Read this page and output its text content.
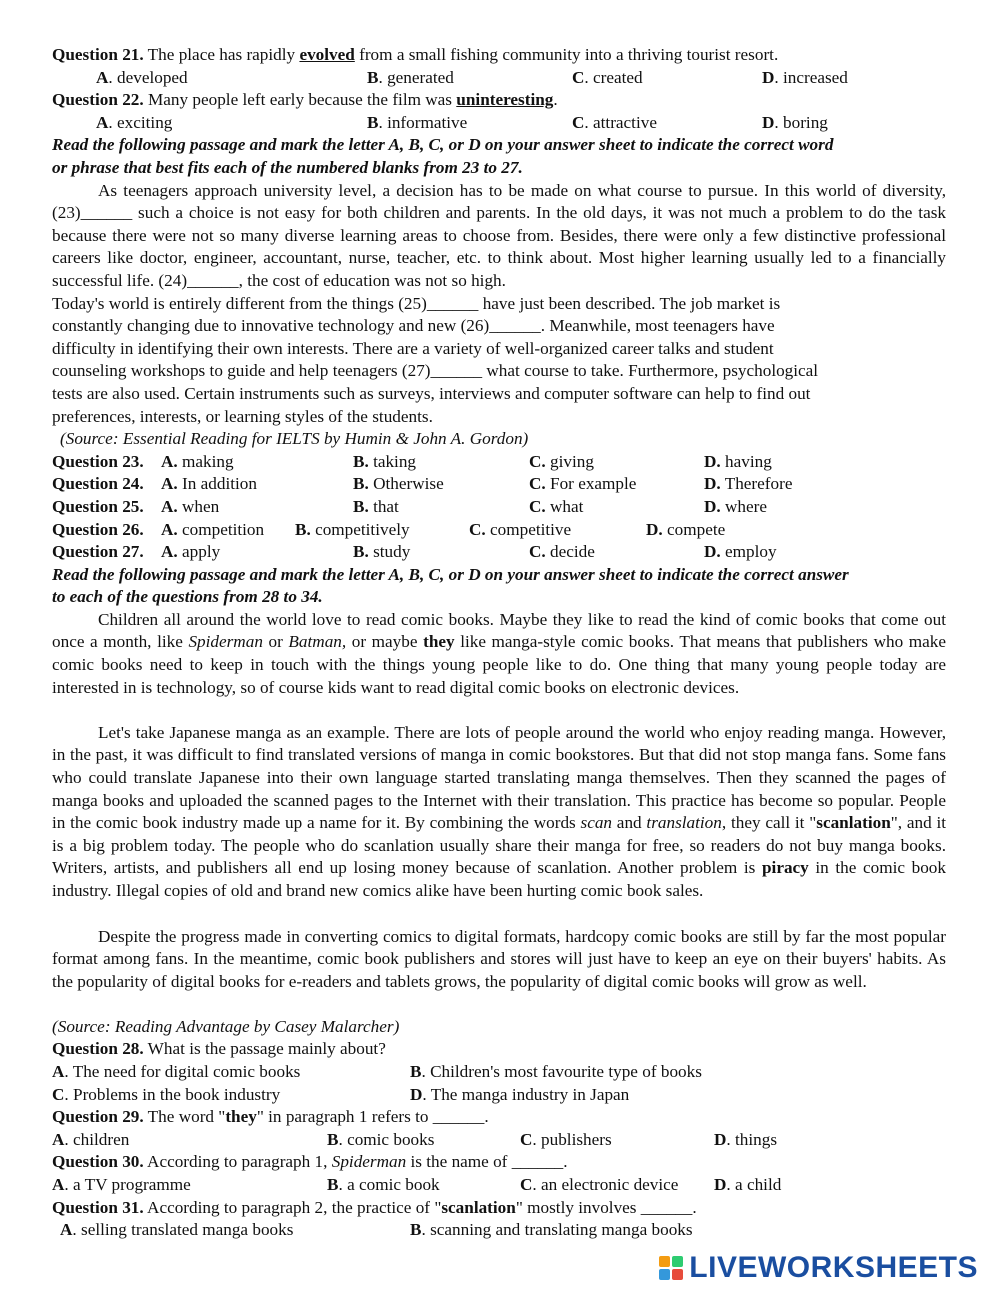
Question 21. The place has rapidly evolved from a small fishing community into a thriving tourist resort.
A. developed	B. generated	C. created	D. increased
Question 22. Many people left early because the film was uninteresting.
A. exciting	B. informative	C. attractive	D. boring
Read the following passage and mark the letter A, B, C, or D on your answer sheet to indicate the correct word
or phrase that best fits each of the numbered blanks from 23 to 27.
As teenagers approach university level, a decision has to be made on what course to pursue. In this world of diversity, (23)______ such a choice is not easy for both children and parents. In the old days, it was not much a problem to do the task because there were not so many diverse learning areas to choose from. Besides, there were only a few distinctive professional careers like doctor, engineer, accountant, nurse, teacher, etc. to think about. Most higher learning usually led to a financially successful life. (24)______, the cost of education was not so high.
Today's world is entirely different from the things (25)______ have just been described. The job market is
constantly changing due to innovative technology and new (26)______. Meanwhile, most teenagers have
difficulty in identifying their own interests. There are a variety of well-organized career talks and student
counseling workshops to guide and help teenagers (27)______ what course to take. Furthermore, psychological
tests are also used. Certain instruments such as surveys, interviews and computer software can help to find out
preferences, interests, or learning styles of the students.
(Source: Essential Reading for IELTS by Humin & John A. Gordon)
Question 23. A. making	B. taking	C. giving	D. having
Question 24. A. In addition	B. Otherwise	C. For example	D. Therefore
Question 25. A. when	B. that	C. what	D. where
Question 26. A. competition B. competitively	C. competitive	D. compete
Question 27. A. apply	B. study	C. decide	D. employ
Read the following passage and mark the letter A, B, C, or D on your answer sheet to indicate the correct answer
to each of the questions from 28 to 34.
Children all around the world love to read comic books. Maybe they like to read the kind of comic books that come out once a month, like Spiderman or Batman, or maybe they like manga-style comic books. That means that publishers who make comic books need to keep in touch with the things young people like to do. One thing that many young people today are interested in is technology, so of course kids want to read digital comic books on electronic devices.
Let's take Japanese manga as an example. There are lots of people around the world who enjoy reading manga. However, in the past, it was difficult to find translated versions of manga in comic bookstores. But that did not stop manga fans. Some fans who could translate Japanese into their own language started translating manga themselves. Then they scanned the pages of manga books and uploaded the scanned pages to the Internet with their translation. This practice has become so popular. People in the comic book industry made up a name for it. By combining the words scan and translation, they call it "scanlation", and it is a big problem today. The people who do scanlation usually share their manga for free, so readers do not buy manga books. Writers, artists, and publishers all end up losing money because of scanlation. Another problem is piracy in the comic book industry. Illegal copies of old and brand new comics alike have been hurting comic book sales.
Despite the progress made in converting comics to digital formats, hardcopy comic books are still by far the most popular format among fans. In the meantime, comic book publishers and stores will just have to keep an eye on their buyers' habits. As the popularity of digital books for e-readers and tablets grows, the popularity of digital comic books will grow as well.
(Source: Reading Advantage by Casey Malarcher)
Question 28. What is the passage mainly about?
A. The need for digital comic books	B. Children's most favourite type of books
C. Problems in the book industry	D. The manga industry in Japan
Question 29. The word "they" in paragraph 1 refers to ______.
A. children	B. comic books	C. publishers	D. things
Question 30. According to paragraph 1, Spiderman is the name of ______.
A. a TV programme	B. a comic book	C. an electronic device D. a child
Question 31. According to paragraph 2, the practice of "scanlation" mostly involves ______.
A. selling translated manga books	B. scanning and translating manga books
LIVEWORKSHEETS
